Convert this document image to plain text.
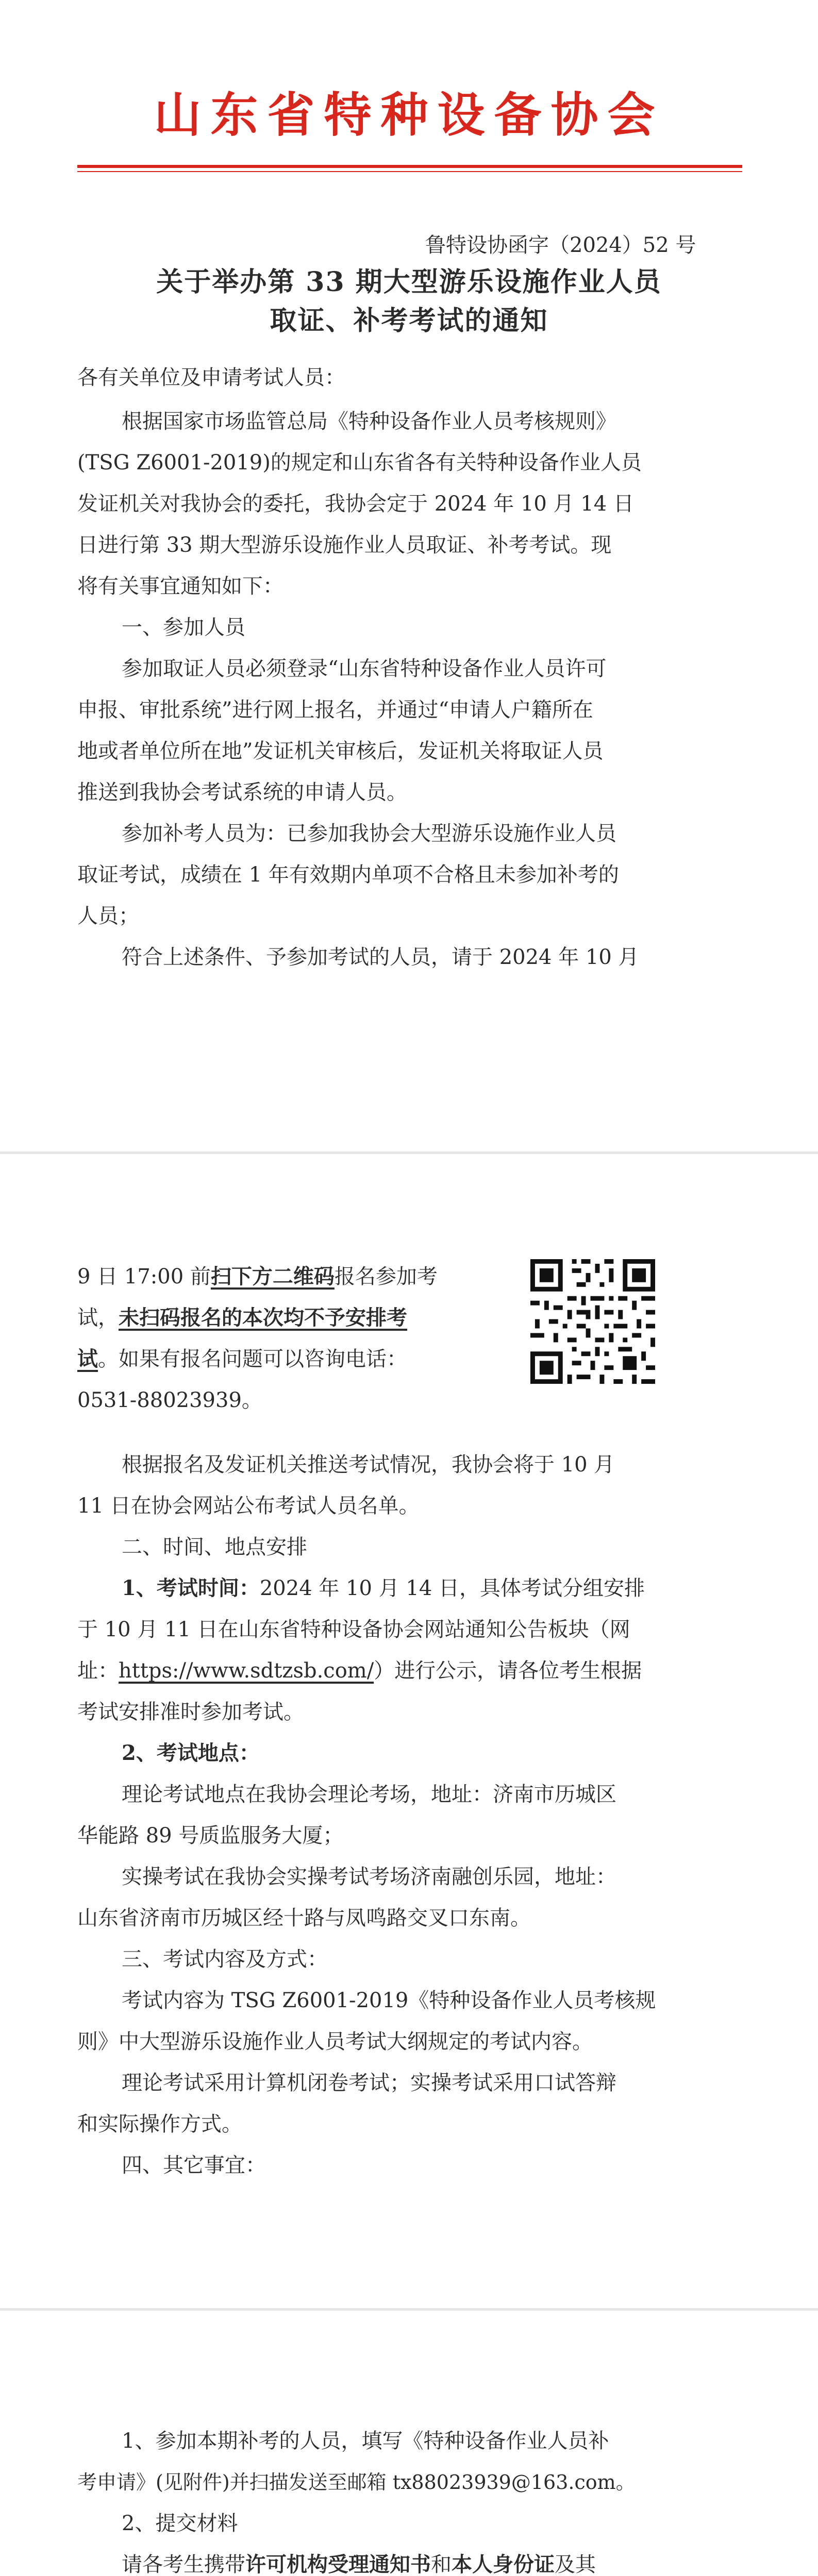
山东省特种设备协会
鲁特设协函字（2024）52 号
关于举办第 33 期大型游乐设施作业人员
取证、补考考试的通知
各有关单位及申请考试人员：
根据国家市场监管总局《特种设备作业人员考核规则》
(TSG Z6001-2019)的规定和山东省各有关特种设备作业人员
发证机关对我协会的委托，我协会定于 2024 年 10 月 14 日
日进行第 33 期大型游乐设施作业人员取证、补考考试。现
将有关事宜通知如下：
一、参加人员
参加取证人员必须登录“山东省特种设备作业人员许可
申报、审批系统”进行网上报名，并通过“申请人户籍所在
地或者单位所在地”发证机关审核后，发证机关将取证人员
推送到我协会考试系统的申请人员。
参加补考人员为：已参加我协会大型游乐设施作业人员
取证考试，成绩在 1 年有效期内单项不合格且未参加补考的
人员；
符合上述条件、予参加考试的人员，请于 2024 年 10 月
9 日 17:00 前扫下方二维码报名参加考
试，未扫码报名的本次均不予安排考
试。如果有报名问题可以咨询电话：
0531-88023939。
根据报名及发证机关推送考试情况，我协会将于 10 月
11 日在协会网站公布考试人员名单。
二、时间、地点安排
1、考试时间：2024 年 10 月 14 日，具体考试分组安排
于 10 月 11 日在山东省特种设备协会网站通知公告板块（网
址：https://www.sdtzsb.com/）进行公示，请各位考生根据
考试安排准时参加考试。
2、考试地点：
理论考试地点在我协会理论考场，地址：济南市历城区
华能路 89 号质监服务大厦；
实操考试在我协会实操考试考场济南融创乐园，地址：
山东省济南市历城区经十路与凤鸣路交叉口东南。
三、考试内容及方式：
考试内容为 TSG Z6001-2019《特种设备作业人员考核规
则》中大型游乐设施作业人员考试大纲规定的考试内容。
理论考试采用计算机闭卷考试；实操考试采用口试答辩
和实际操作方式。
四、其它事宜：
1、参加本期补考的人员，填写《特种设备作业人员补
考申请》(见附件)并扫描发送至邮箱 tx88023939@163.com。
2、提交材料
请各考生携带许可机构受理通知书和本人身份证及其
